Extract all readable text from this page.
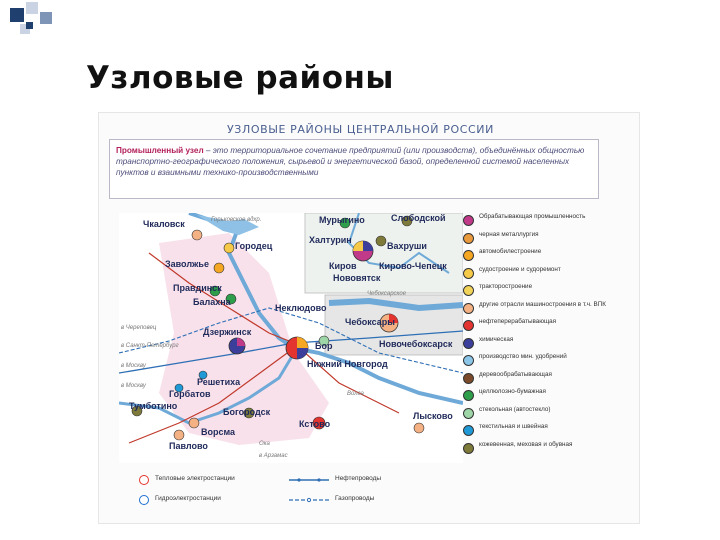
Узловые районы
УЗЛОВЫЕ РАЙОНЫ ЦЕНТРАЛЬНОЙ РОССИИ
Промышленный узел – это территориальное сочетание предприятий (или производств), объединённых общностью транспортно-географического положения, сырьевой и энергетической базой, определенной системой населенных пунктов и взаимными технико-производственными
Горьковское вдхр.
Чебоксарское
Ока
Волга
в Череповец
в Санкт-Петербург
в Москву
в Москву
в Арзамас
Чкаловск
Городец
Заволжье
Правдинск
Балахна
Дзержинск
Решетиха
Горбатов
Нижний Новгород
Богородск
Кстово
Ворсма
Павлово
Тумботино
Неклюдово
Бор
Мурыгино	Слободской
Халтурин
Вахруши
Киров Кирово-Чепецк
Нововятск
Чебоксары
Новочебоксарск
Лысково
Обрабатывающая промышленность
черная металлургия
автомобилестроение
судостроение и судоремонт
тракторостроение
другие отрасли машиностроения в т.ч. ВПК
нефтеперерабатывающая
химическая
производство мин. удобрений
деревообрабатывающая
целлюлозно-бумажная
стекольная (автостекло)
текстильная и швейная
кожевенная, меховая и обувная
Тепловые электростанции
Гидроэлектростанции
Нефтепроводы
Газопроводы
